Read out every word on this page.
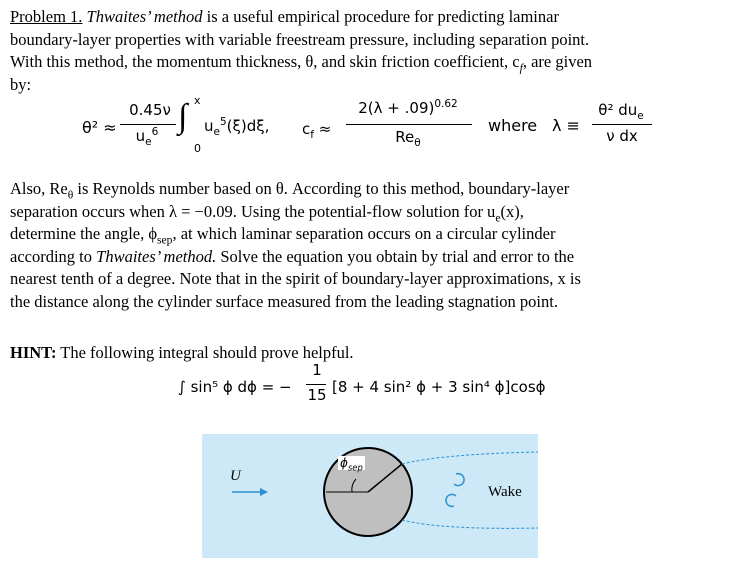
Problem 1. Thwaites’ method is a useful empirical procedure for predicting laminar
boundary-layer properties with variable freestream pressure, including separation point.
With this method, the momentum thickness, θ, and skin friction coefficient, $c_f$, are given
by:
θ² ≈
0.45ν
$u_e^6$ ∫ x
0
$u_e^5(\xi)d\xi$, $c_f$ ≈
$2(\lambda + .09)^{0.62}$
$Re_\theta$
where λ ≡
θ² $du_e$
ν dx
Also, $Re_\theta$ is Reynolds number based on θ. According to this method, boundary-layer
separation occurs when λ = −0.09. Using the potential-flow solution for $u_e(x)$,
determine the angle, $\phi_{sep}$, at which laminar separation occurs on a circular cylinder
according to Thwaites’ method. Solve the equation you obtain by trial and error to the
nearest tenth of a degree. Note that in the spirit of boundary-layer approximations, x is
the distance along the cylinder surface measured from the leading stagnation point.
HINT: The following integral should prove helpful.
∫ sin⁵ ϕ dϕ = −
1
15 [8 + 4 sin² ϕ + 3 sin⁴ ϕ]cosϕ
U
$\phi_{sep}$
Wake
